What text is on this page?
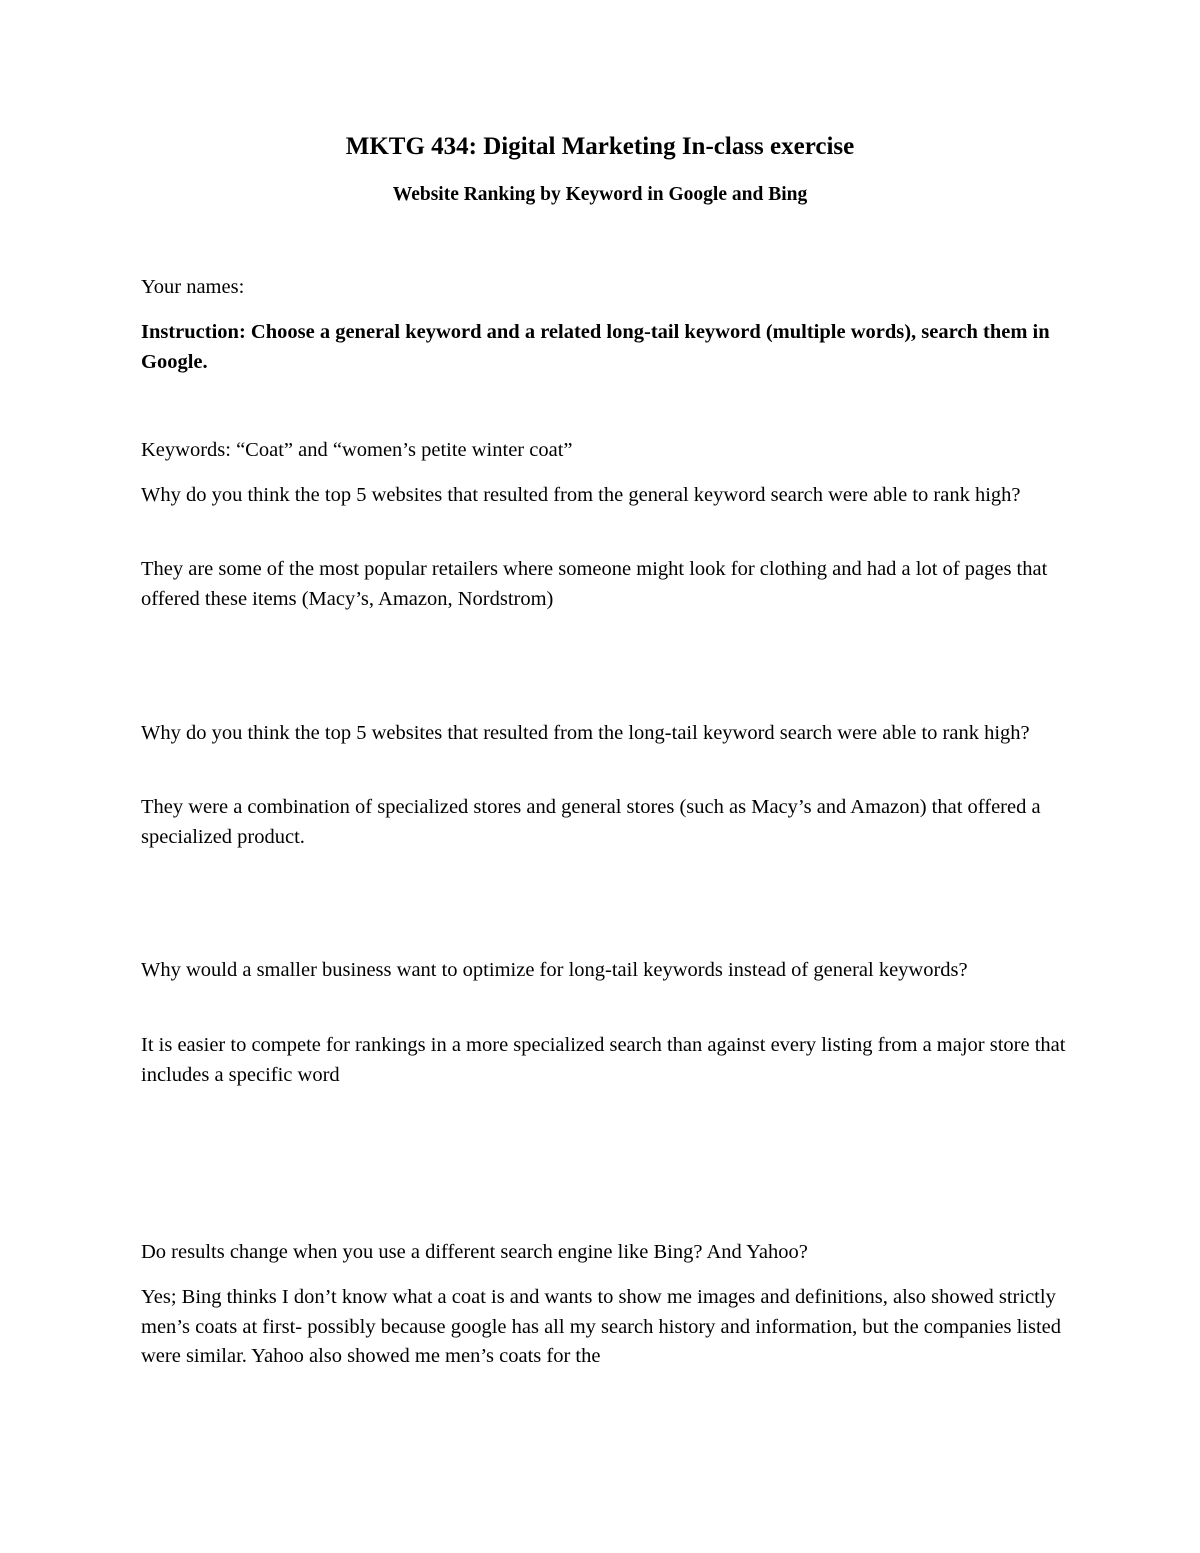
MKTG 434: Digital Marketing In-class exercise
Website Ranking by Keyword in Google and Bing

Your names:

Instruction: Choose a general keyword and a related long-tail keyword (multiple words), search them in Google.

Keywords: “Coat” and “women’s petite winter coat”

Why do you think the top 5 websites that resulted from the general keyword search were able to rank high?

They are some of the most popular retailers where someone might look for clothing and had a lot of pages that offered these items (Macy’s, Amazon, Nordstrom)

Why do you think the top 5 websites that resulted from the long-tail keyword search were able to rank high?

They were a combination of specialized stores and general stores (such as Macy’s and Amazon) that offered a specialized product.

Why would a smaller business want to optimize for long-tail keywords instead of general keywords?

It is easier to compete for rankings in a more specialized search than against every listing from a major store that includes a specific word

Do results change when you use a different search engine like Bing? And Yahoo?

Yes; Bing thinks I don’t know what a coat is and wants to show me images and definitions, also showed strictly men’s coats at first- possibly because google has all my search history and information, but the companies listed were similar. Yahoo also showed me men’s coats for the
